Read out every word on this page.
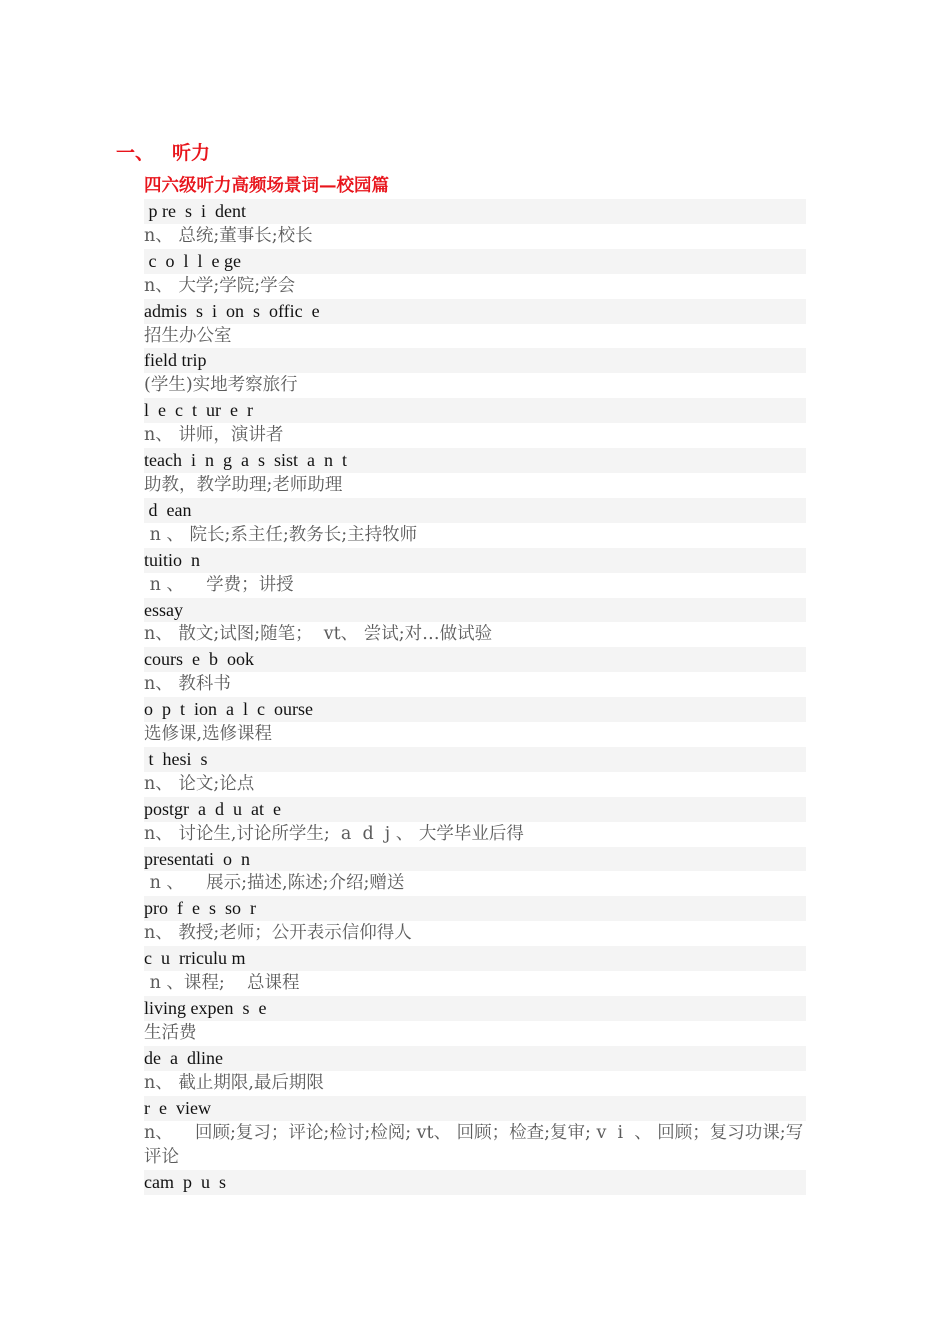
一、 听力
四六级听力高频场景词—校园篇
p re  s  i  dent
n、 总统;董事长;校长
c  o  l  l  e ge
n、 大学;学院;学会
admis  s  i  on  s  offic  e
招生办公室
field trip
(学生)实地考察旅行
l  e  c  t  ur  e  r
n、 讲师，演讲者
teach  i  n  g  a  s  sist  a  n  t
助教，教学助理;老师助理
d  ean
n 、 院长;系主任;教务长;主持牧师
tuitio  n
n 、    学费；讲授
essay
n、 散文;试图;随笔；  vt、 尝试;对…做试验
cours  e  b  ook
n、 教科书
o  p  t  ion  a  l  c  ourse
选修课,选修课程
t  hesi  s
n、 论文;论点
postgr  a  d  u  at  e
n、 讨论生,讨论所学生;  a  d  j 、 大学毕业后得
presentati  o  n
n 、    展示;描述,陈述;介绍;赠送
pro  f  e  s  so  r
n、 教授;老师；公开表示信仰得人
c  u  rriculu m
n 、课程;    总课程
living expen  s  e
生活费
de  a  dline
n、 截止期限,最后期限
r  e  view
n、    回顾;复习；评论;检讨;检阅; vt、 回顾；检查;复审; v  i  、 回顾；复习功课;写评论
cam  p  u  s
